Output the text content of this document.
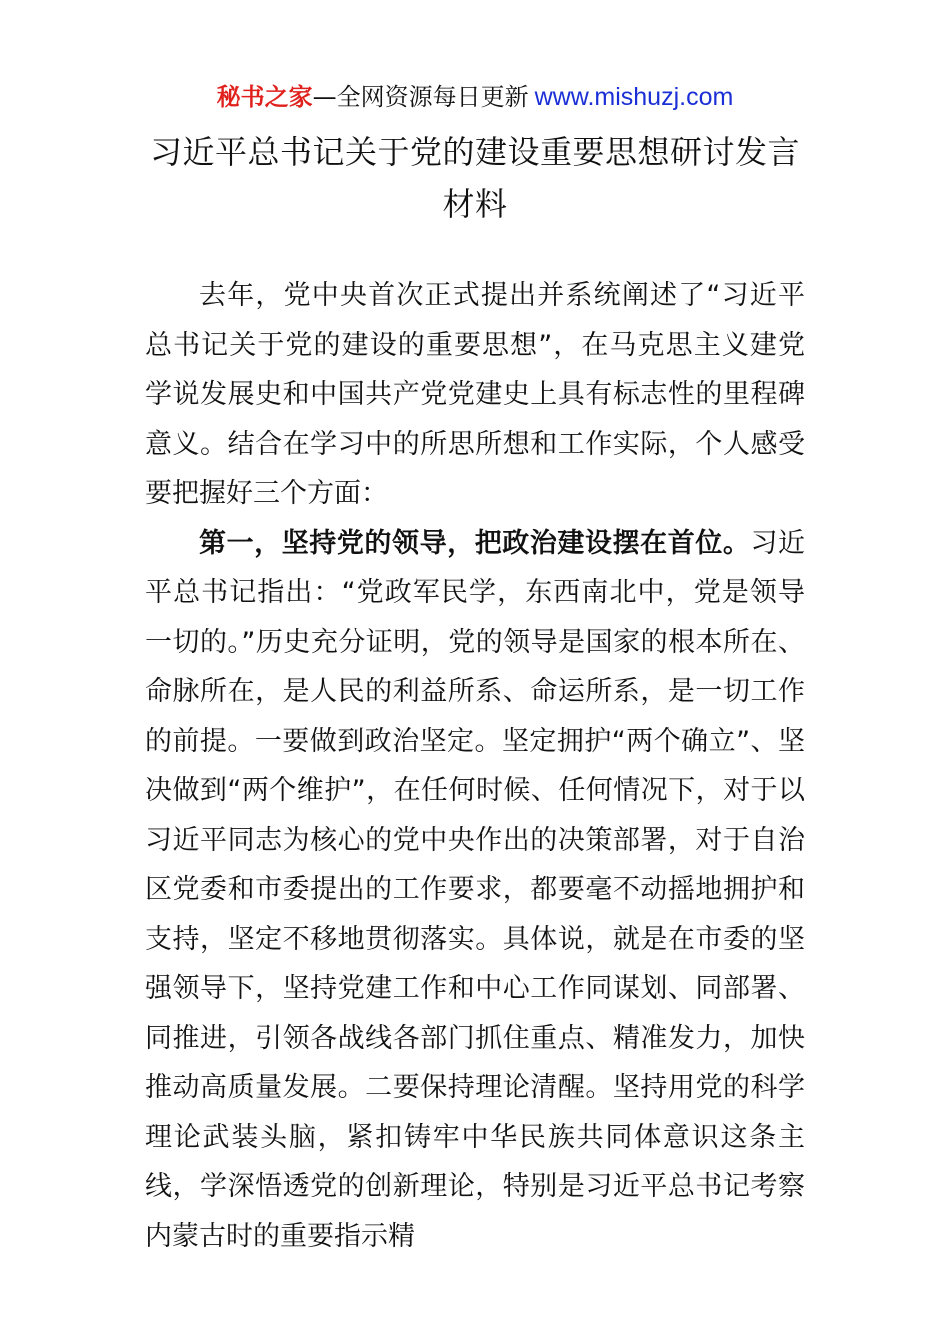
秘书之家—全网资源每日更新 www.mishuzj.com
习近平总书记关于党的建设重要思想研讨发言材料

去年，党中央首次正式提出并系统阐述了“习近平总书记关于党的建设的重要思想”，在马克思主义建党学说发展史和中国共产党党建史上具有标志性的里程碑意义。结合在学习中的所思所想和工作实际，个人感受要把握好三个方面：

第一，坚持党的领导，把政治建设摆在首位。习近平总书记指出：“党政军民学，东西南北中，党是领导一切的。”历史充分证明，党的领导是国家的根本所在、命脉所在，是人民的利益所系、命运所系，是一切工作的前提。一要做到政治坚定。坚定拥护“两个确立”、坚决做到“两个维护”，在任何时候、任何情况下，对于以习近平同志为核心的党中央作出的决策部署，对于自治区党委和市委提出的工作要求，都要毫不动摇地拥护和支持，坚定不移地贯彻落实。具体说，就是在市委的坚强领导下，坚持党建工作和中心工作同谋划、同部署、同推进，引领各战线各部门抓住重点、精准发力，加快推动高质量发展。二要保持理论清醒。坚持用党的科学理论武装头脑，紧扣铸牢中华民族共同体意识这条主线，学深悟透党的创新理论，特别是习近平总书记考察内蒙古时的重要指示精
